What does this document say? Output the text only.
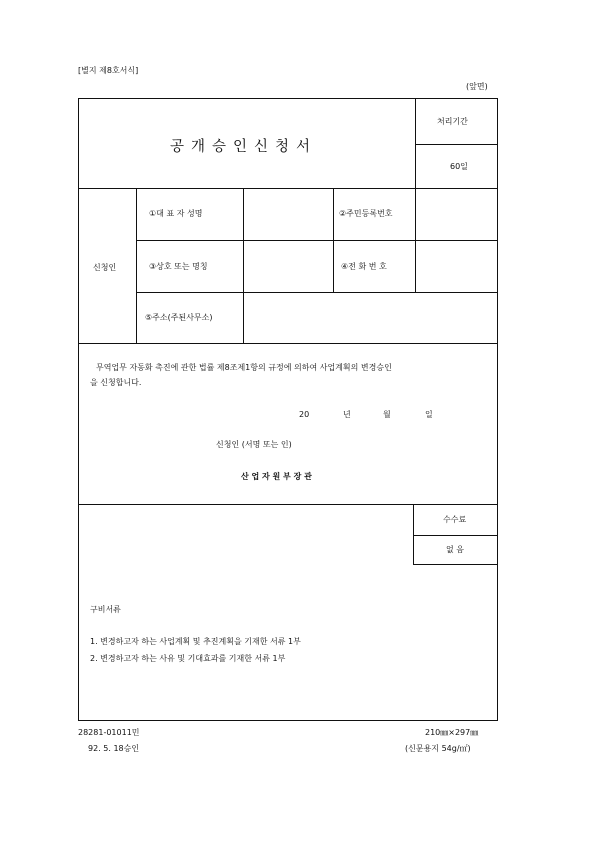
[별지 제8호서식]
(앞면)
공개승인신청서
처리기간
60일
신청인
①대 표 자 성명	②주민등록번호
③상호 또는 명칭	④전 화 번 호
⑤주소(주된사무소)
무역업무 자동화 촉진에 관한 법률 제8조제1항의 규정에 의하여 사업계획의 변경승인
을 신청합니다.
20	년	월	일
신청인 (서명 또는 인)
산 업 자 원 부 장 관
수수료
없 음
구비서류
1. 변경하고자 하는 사업계획 및 추진계획을 기재한 서류 1부
2. 변경하고자 하는 사유 및 기대효과를 기재한 서류 1부
28281-01011민
92. 5. 18승인
210㎜×297㎜
(신문용지 54g/㎡)
